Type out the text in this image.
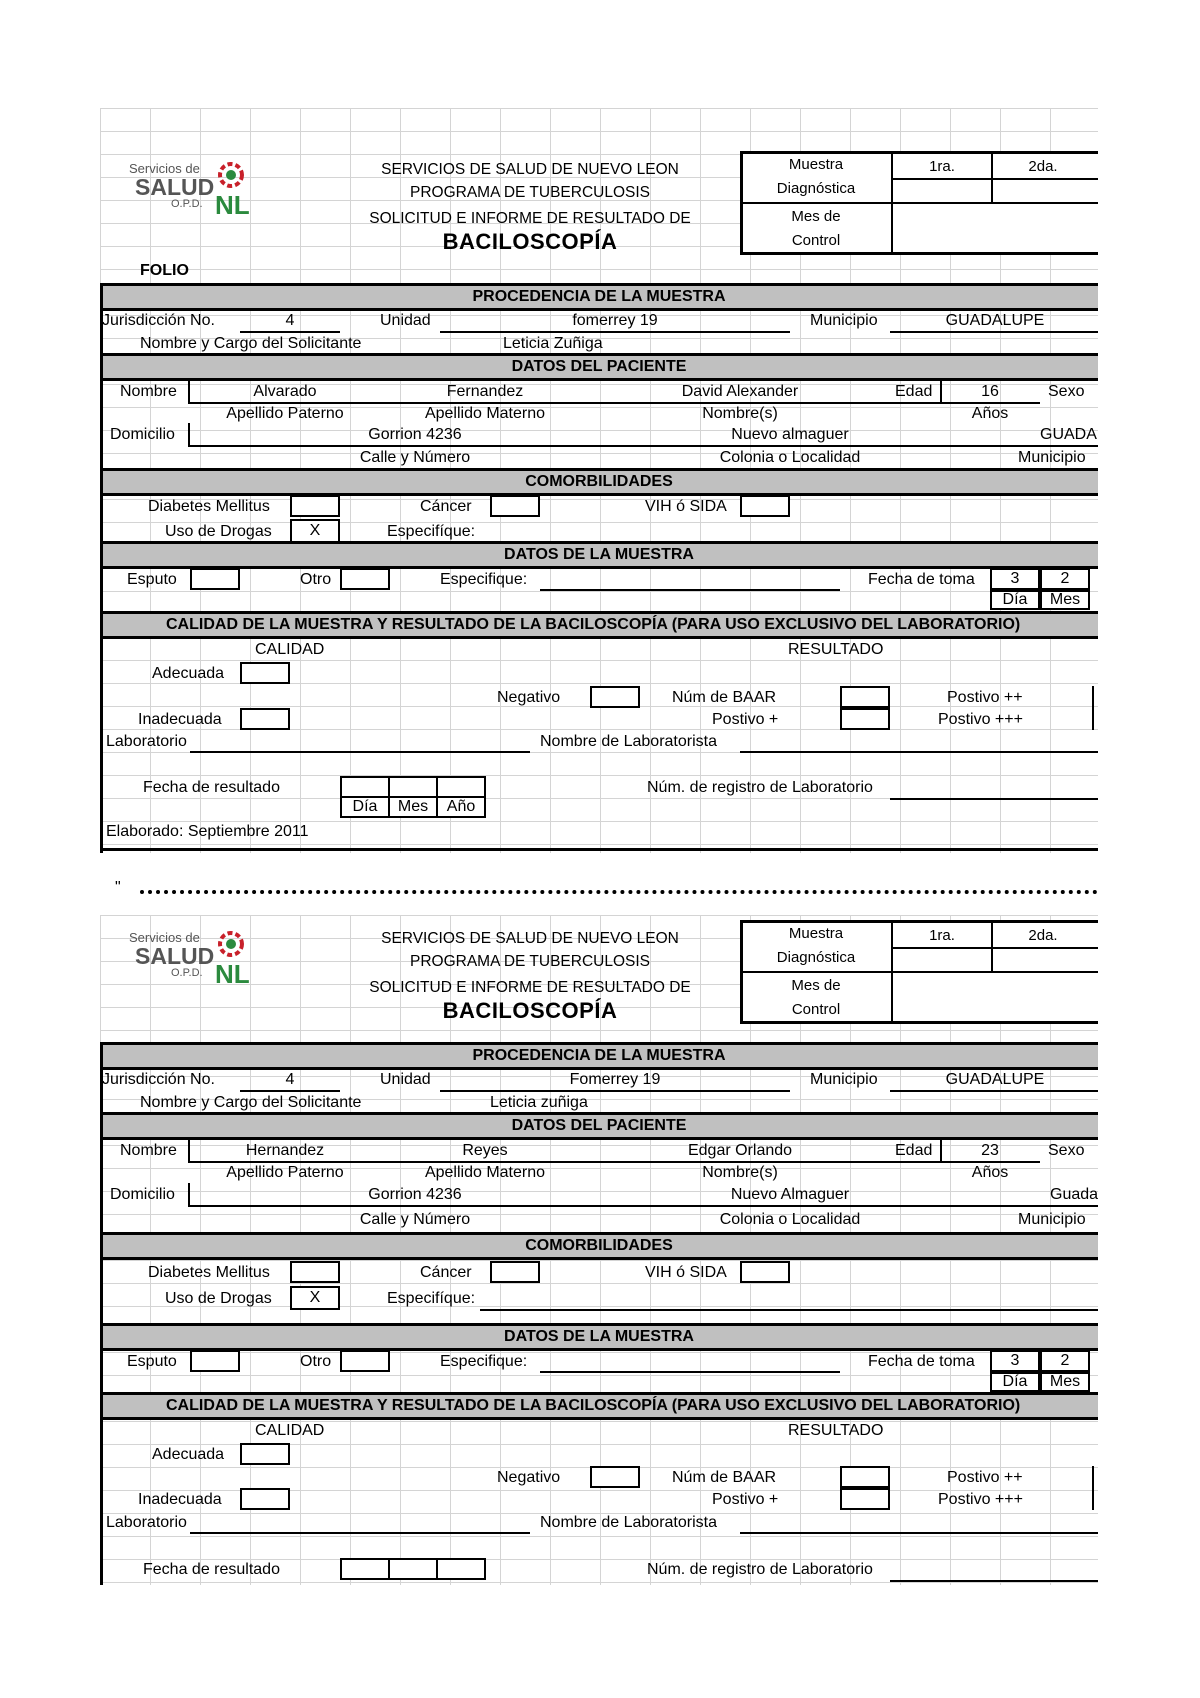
Servicios de
SALUD
O.P.D. NL
SERVICIOS DE SALUD DE NUEVO LEON
PROGRAMA DE TUBERCULOSIS
SOLICITUD E INFORME DE RESULTADO DE
BACILOSCOPÍA
Muestra
Diagnóstica
Mes de
Control
1ra.	2da.
FOLIO
PROCEDENCIA DE LA MUESTRA
Jurisdicción No.	4	Unidad	fomerrey 19	Municipio	GUADALUPE
Nombre y Cargo del Solicitante	Leticia Zuñiga
DATOS DEL PACIENTE
Nombre	Alvarado	Fernandez	David Alexander	Edad	16	Sexo
Apellido Paterno	Apellido Materno	Nombre(s)	Años
Domicilio	Gorrion 4236	Nuevo almaguer	GUADA
Calle y Número	Colonia o Localidad	Municipio
COMORBILIDADES
Diabetes Mellitus	Cáncer	VIH ó SIDA
Uso de Drogas	X	Especifíque:
DATOS DE LA MUESTRA
Esputo	Otro	Especifique:	Fecha de toma	3	2
Día	Mes
CALIDAD DE LA MUESTRA Y RESULTADO DE LA BACILOSCOPÍA (PARA USO EXCLUSIVO DEL LABORATORIO)
CALIDAD	RESULTADO
Adecuada
Negativo	Núm de BAAR	Postivo ++
Inadecuada	Postivo +	Postivo +++
Laboratorio	Nombre de Laboratorista
Fecha de resultado
Día	Mes	Año
Núm. de registro de Laboratorio
Elaborado: Septiembre 2011
"
Servicios de
SALUD
O.P.D. NL
SERVICIOS DE SALUD DE NUEVO LEON
PROGRAMA DE TUBERCULOSIS
SOLICITUD E INFORME DE RESULTADO DE
BACILOSCOPÍA
Muestra
Diagnóstica
Mes de
Control
1ra.	2da.
PROCEDENCIA DE LA MUESTRA
Jurisdicción No.	4	Unidad	Fomerrey 19	Municipio	GUADALUPE
Nombre y Cargo del Solicitante	Leticia zuñiga
DATOS DEL PACIENTE
Nombre	Hernandez	Reyes	Edgar Orlando	Edad	23	Sexo
Apellido Paterno	Apellido Materno	Nombre(s)	Años
Domicilio	Gorrion 4236	Nuevo Almaguer	Guada
Calle y Número	Colonia o Localidad	Municipio
COMORBILIDADES
Diabetes Mellitus	Cáncer	VIH ó SIDA
Uso de Drogas	X	Especifíque:
DATOS DE LA MUESTRA
Esputo	Otro	Especifique:	Fecha de toma	3	2
Día	Mes
CALIDAD DE LA MUESTRA Y RESULTADO DE LA BACILOSCOPÍA (PARA USO EXCLUSIVO DEL LABORATORIO)
CALIDAD	RESULTADO
Adecuada
Negativo	Núm de BAAR	Postivo ++
Inadecuada	Postivo +	Postivo +++
Laboratorio	Nombre de Laboratorista
Fecha de resultado	Núm. de registro de Laboratorio
